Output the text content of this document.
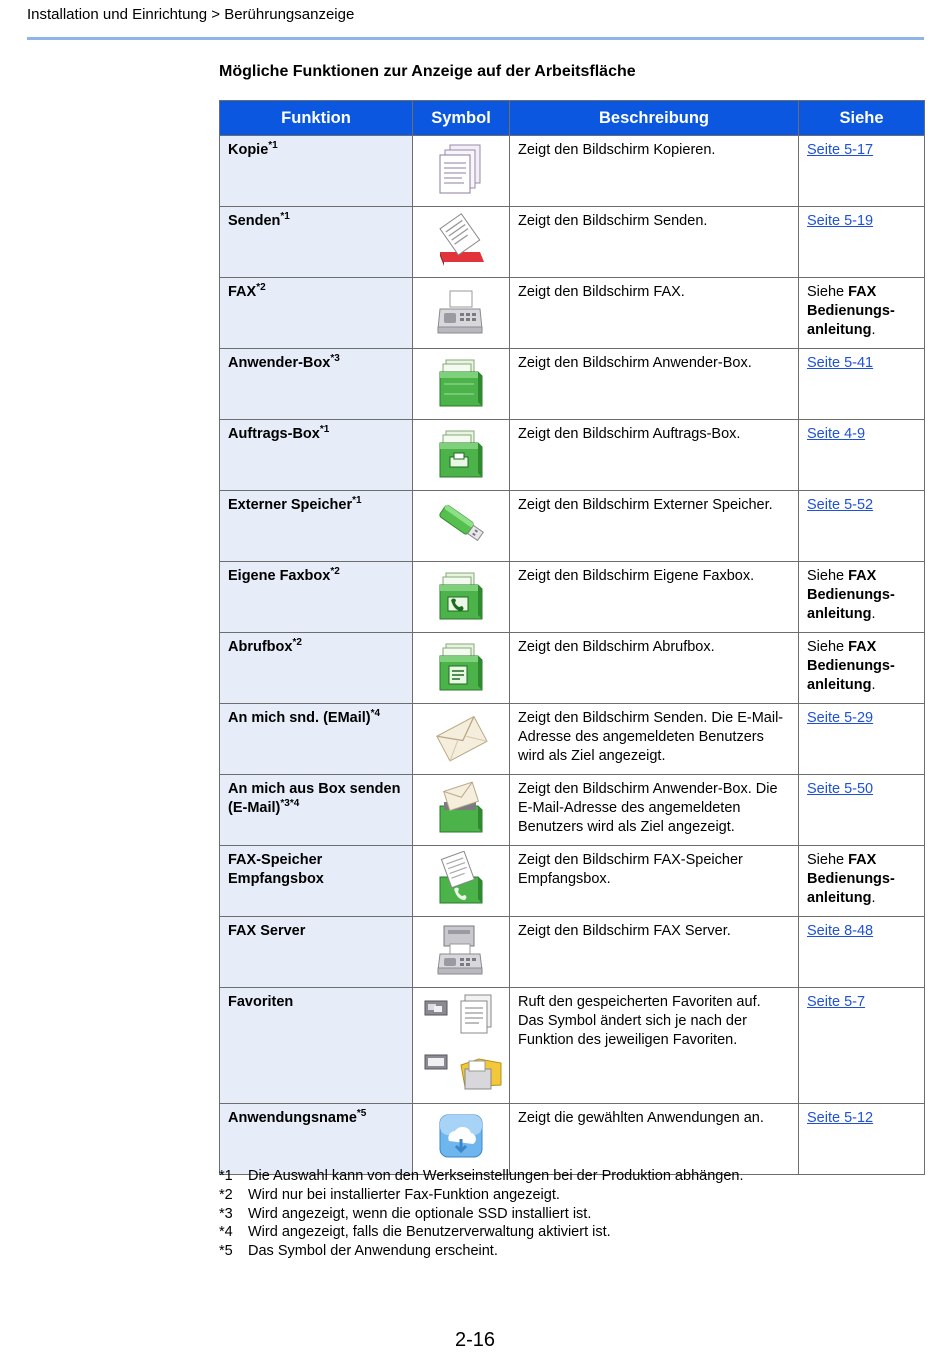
Installation und Einrichtung > Berührungsanzeige
Mögliche Funktionen zur Anzeige auf der Arbeitsfläche
Funktion	Symbol	Beschreibung	Siehe
Kopie$^{*1}$		Zeigt den Bildschirm Kopieren.	Seite 5-17
Senden$^{*1}$		Zeigt den Bildschirm Senden.	Seite 5-19
FAX$^{*2}$		Zeigt den Bildschirm FAX.	Siehe FAX Bedienungs-anleitung.
Anwender-Box$^{*3}$		Zeigt den Bildschirm Anwender-Box.	Seite 5-41
Auftrags-Box$^{*1}$		Zeigt den Bildschirm Auftrags-Box.	Seite 4-9
Externer Speicher$^{*1}$		Zeigt den Bildschirm Externer Speicher.	Seite 5-52
Eigene Faxbox$^{*2}$		Zeigt den Bildschirm Eigene Faxbox.	Siehe FAX Bedienungs-anleitung.
Abrufbox$^{*2}$		Zeigt den Bildschirm Abrufbox.	Siehe FAX Bedienungs-anleitung.
An mich snd. (EMail)$^{*4}$		Zeigt den Bildschirm Senden. Die E-Mail-Adresse des angemeldeten Benutzers wird als Ziel angezeigt.	Seite 5-29
An mich aus Box senden (E-Mail)$^{*3*4}$		Zeigt den Bildschirm Anwender-Box. Die E-Mail-Adresse des angemeldeten Benutzers wird als Ziel angezeigt.	Seite 5-50
FAX-Speicher Empfangsbox		Zeigt den Bildschirm FAX-Speicher Empfangsbox.	Siehe FAX Bedienungs-anleitung.
FAX Server		Zeigt den Bildschirm FAX Server.	Seite 8-48
Favoriten		Ruft den gespeicherten Favoriten auf. Das Symbol ändert sich je nach der Funktion des jeweiligen Favoriten.	Seite 5-7
Anwendungsname$^{*5}$		Zeigt die gewählten Anwendungen an.	Seite 5-12
*1	Die Auswahl kann von den Werkseinstellungen bei der Produktion abhängen.
*2	Wird nur bei installierter Fax-Funktion angezeigt.
*3	Wird angezeigt, wenn die optionale SSD installiert ist.
*4	Wird angezeigt, falls die Benutzerverwaltung aktiviert ist.
*5	Das Symbol der Anwendung erscheint.
2-16
